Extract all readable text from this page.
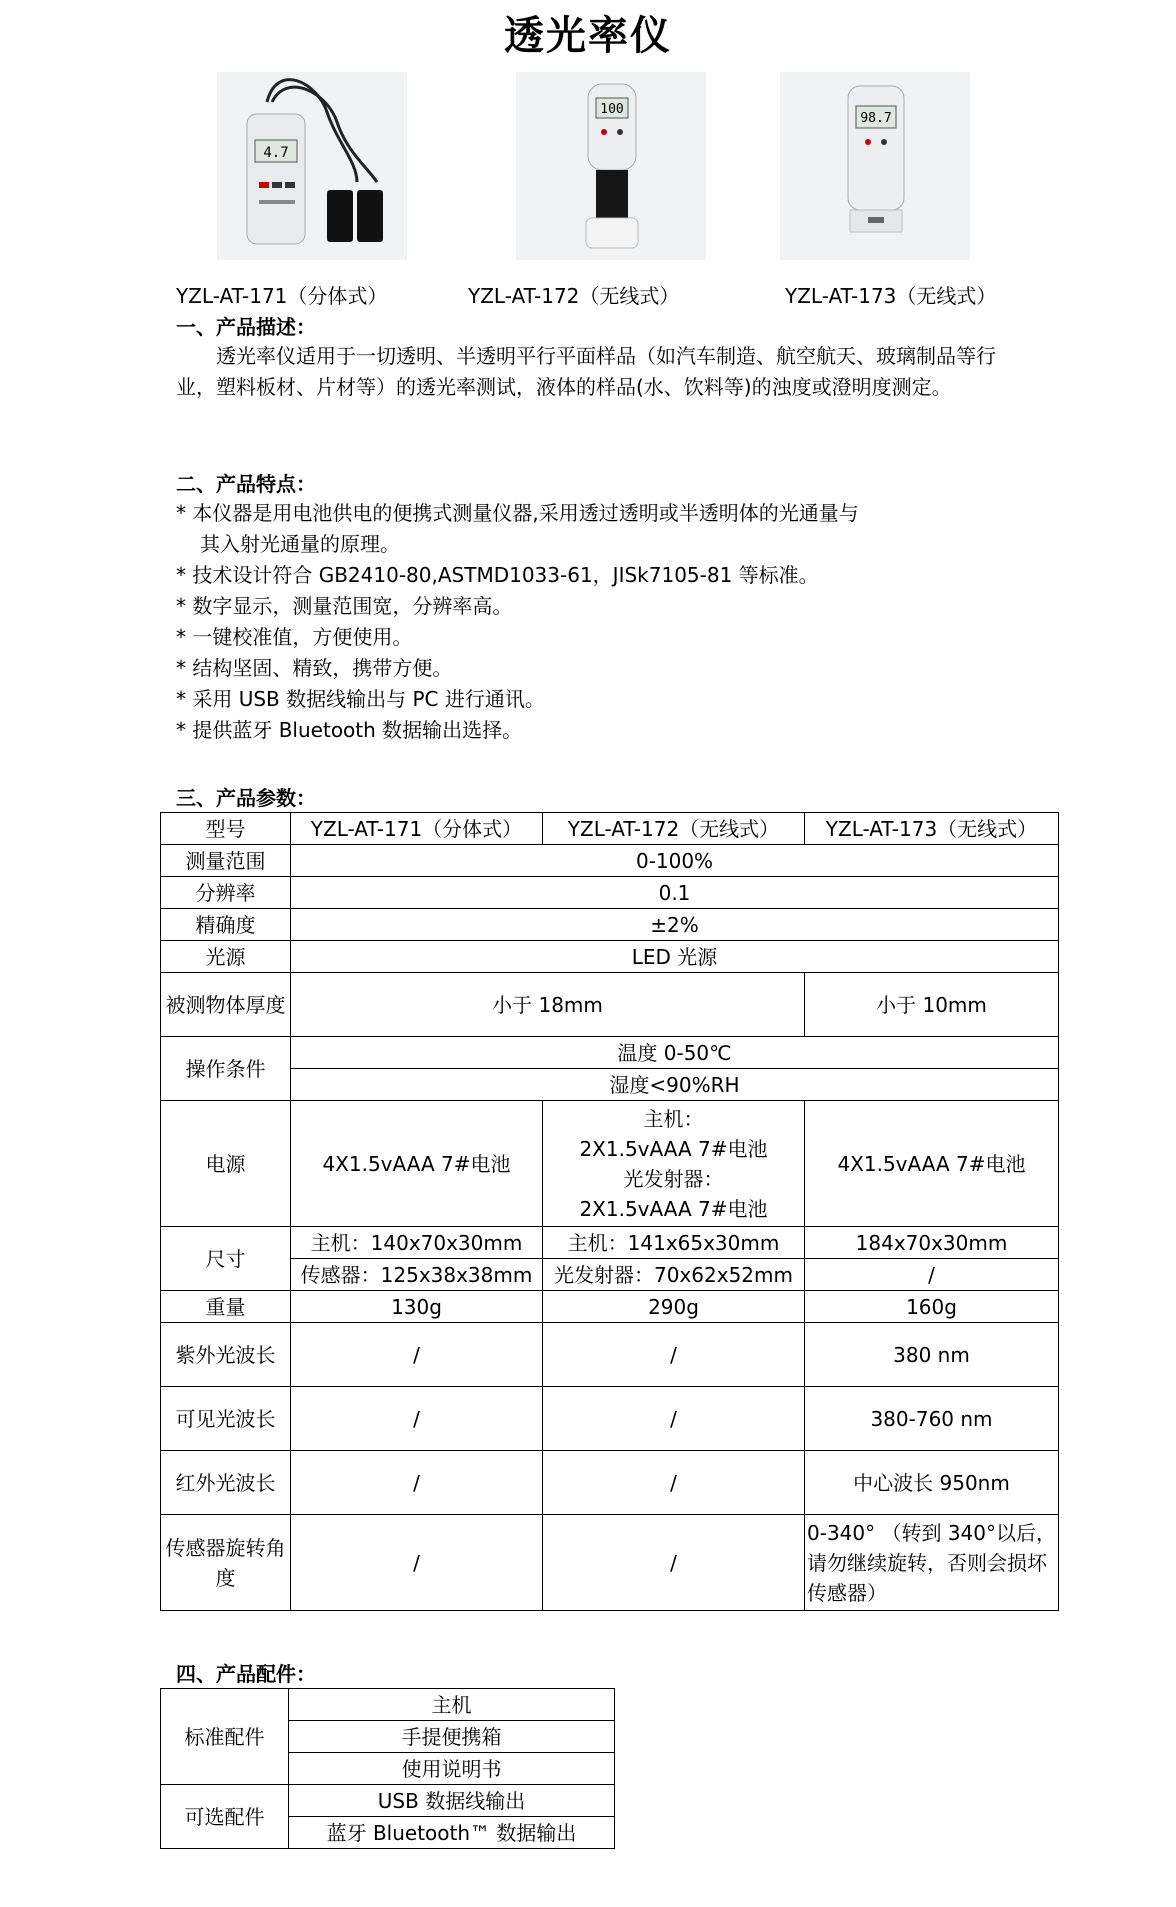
透光率仪
4.7
100
98.7
YZL-AT-171（分体式）	YZL-AT-172（无线式）	YZL-AT-173（无线式）
一、产品描述：
透光率仪适用于一切透明、半透明平行平面样品（如汽车制造、航空航天、玻璃制品等行业，塑料板材、片材等）的透光率测试，液体的样品(水、饮料等)的浊度或澄明度测定。
二、产品特点：
* 本仪器是用电池供电的便携式测量仪器,采用透过透明或半透明体的光通量与
其入射光通量的原理。
* 技术设计符合 GB2410-80,ASTMD1033-61，JISk7105-81 等标准。
* 数字显示，测量范围宽，分辨率高。
* 一键校准值，方便使用。
* 结构坚固、精致，携带方便。
* 采用 USB 数据线输出与 PC 进行通讯。
* 提供蓝牙 Bluetooth 数据输出选择。
三、产品参数：
型号	YZL-AT-171（分体式）	YZL-AT-172（无线式）	YZL-AT-173（无线式）
测量范围	0-100%		
分辨率	0.1		
精确度	±2%		
光源	LED 光源		
被测物体厚度	小于 18mm		小于 10mm
操作条件	温度 0-50℃		
	湿度<90%RH		
电源	4X1.5vAAA 7#电池	主机：
2X1.5vAAA 7#电池
光发射器：
2X1.5vAAA 7#电池	4X1.5vAAA 7#电池
尺寸	主机：140x70x30mm	主机：141x65x30mm	184x70x30mm
	传感器：125x38x38mm	光发射器：70x62x52mm	/
重量	130g	290g	160g
紫外光波长	/	/	380 nm
可见光波长	/	/	380-760 nm
红外光波长	/	/	中心波长 950nm
传感器旋转角度	/	/	0-340° （转到 340°以后，请勿继续旋转，否则会损坏传感器）
四、产品配件：
标准配件	主机
	手提便携箱
	使用说明书
可选配件	USB 数据线输出
	蓝牙 Bluetooth™ 数据输出
